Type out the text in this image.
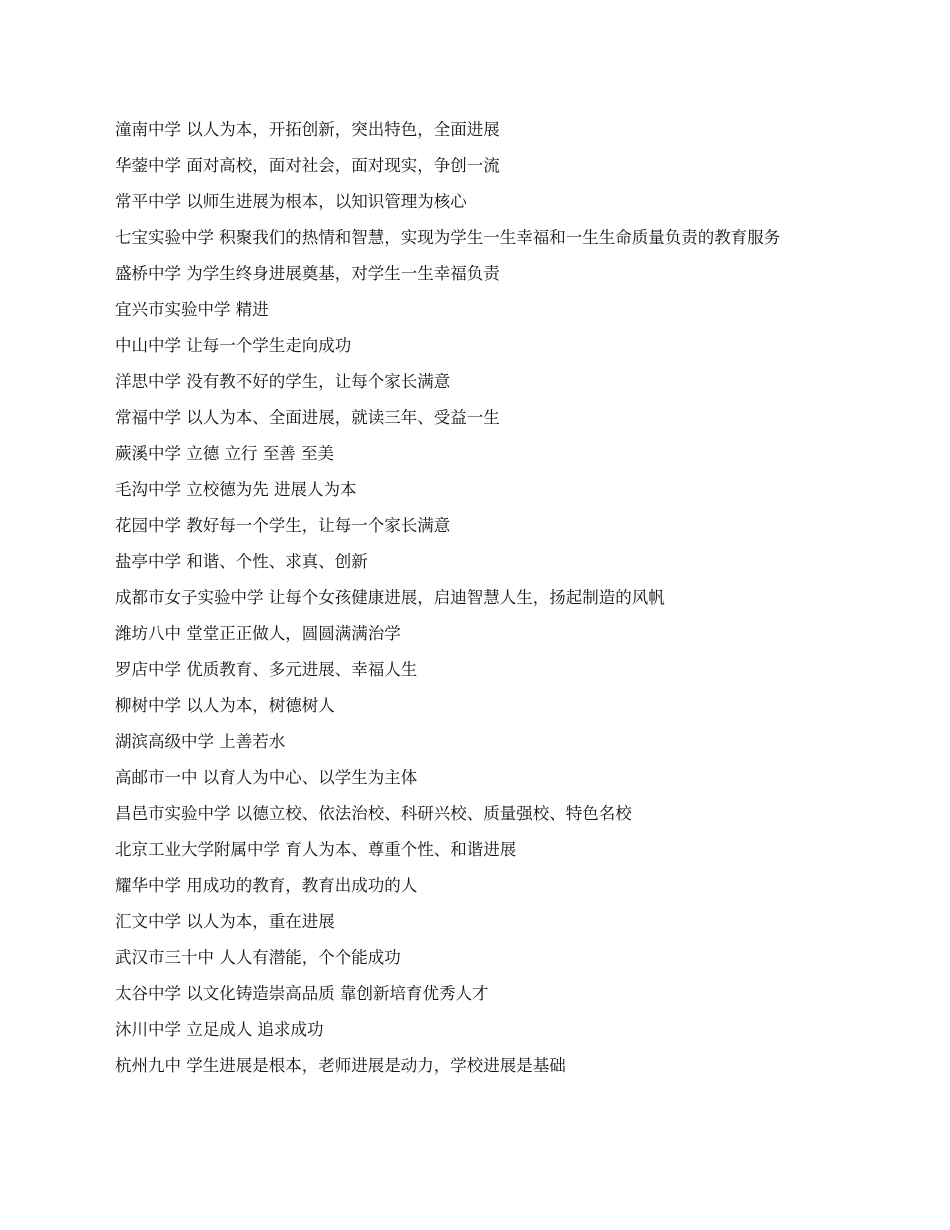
潼南中学 以人为本，开拓创新，突出特色，全面进展
华蓥中学 面对高校，面对社会，面对现实，争创一流
常平中学 以师生进展为根本，以知识管理为核心
七宝实验中学 积聚我们的热情和智慧，实现为学生一生幸福和一生生命质量负责的教育服务
盛桥中学 为学生终身进展奠基，对学生一生幸福负责
宜兴市实验中学 精进
中山中学 让每一个学生走向成功
洋思中学 没有教不好的学生，让每个家长满意
常福中学 以人为本、全面进展，就读三年、受益一生
蕨溪中学 立德 立行 至善 至美
毛沟中学 立校德为先 进展人为本
花园中学 教好每一个学生，让每一个家长满意
盐亭中学 和谐、个性、求真、创新
成都市女子实验中学 让每个女孩健康进展，启迪智慧人生，扬起制造的风帆
潍坊八中 堂堂正正做人，圆圆满满治学
罗店中学 优质教育、多元进展、幸福人生
柳树中学 以人为本，树德树人
湖滨高级中学 上善若水
高邮市一中 以育人为中心、以学生为主体
昌邑市实验中学 以德立校、依法治校、科研兴校、质量强校、特色名校
北京工业大学附属中学 育人为本、尊重个性、和谐进展
耀华中学 用成功的教育，教育出成功的人
汇文中学 以人为本，重在进展
武汉市三十中 人人有潜能，个个能成功
太谷中学 以文化铸造崇高品质 靠创新培育优秀人才
沐川中学 立足成人 追求成功
杭州九中 学生进展是根本，老师进展是动力，学校进展是基础
